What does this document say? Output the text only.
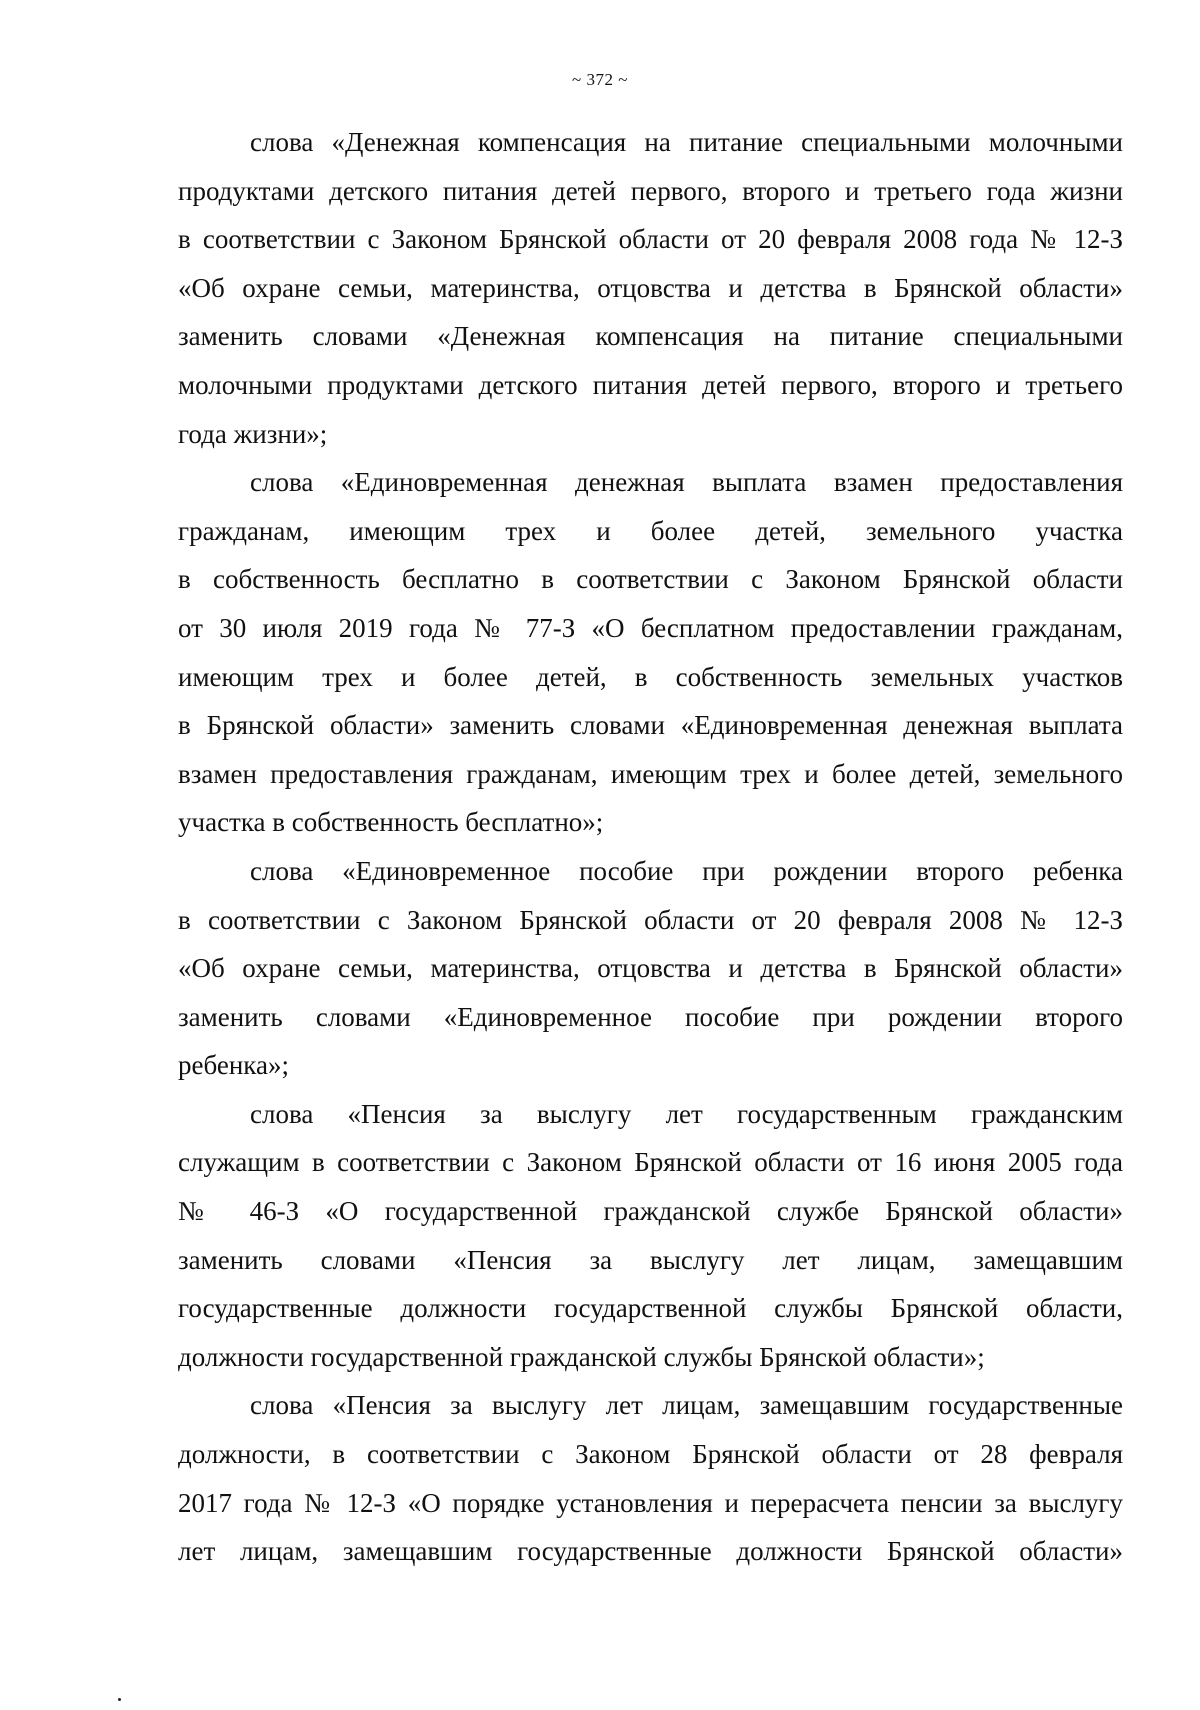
~ 372 ~

слова «Денежная компенсация на питание специальными молочными
продуктами детского питания детей первого, второго и третьего года жизни
в соответствии с Законом Брянской области от 20 февраля 2008 года № 12-З
«Об охране семьи, материнства, отцовства и детства в Брянской области»
заменить словами «Денежная компенсация на питание специальными
молочными продуктами детского питания детей первого, второго и третьего
года жизни»;

слова «Единовременная денежная выплата взамен предоставления
гражданам, имеющим трех и более детей, земельного участка
в собственность бесплатно в соответствии с Законом Брянской области
от 30 июля 2019 года № 77-З «О бесплатном предоставлении гражданам,
имеющим трех и более детей, в собственность земельных участков
в Брянской области» заменить словами «Единовременная денежная выплата
взамен предоставления гражданам, имеющим трех и более детей, земельного
участка в собственность бесплатно»;

слова «Единовременное пособие при рождении второго ребенка
в соответствии с Законом Брянской области от 20 февраля 2008 № 12-З
«Об охране семьи, материнства, отцовства и детства в Брянской области»
заменить словами «Единовременное пособие при рождении второго
ребенка»;

слова «Пенсия за выслугу лет государственным гражданским
служащим в соответствии с Законом Брянской области от 16 июня 2005 года
№ 46-З «О государственной гражданской службе Брянской области»
заменить словами «Пенсия за выслугу лет лицам, замещавшим
государственные должности государственной службы Брянской области,
должности государственной гражданской службы Брянской области»;

слова «Пенсия за выслугу лет лицам, замещавшим государственные
должности, в соответствии с Законом Брянской области от 28 февраля
2017 года № 12-З «О порядке установления и перерасчета пенсии за выслугу
лет лицам, замещавшим государственные должности Брянской области»
